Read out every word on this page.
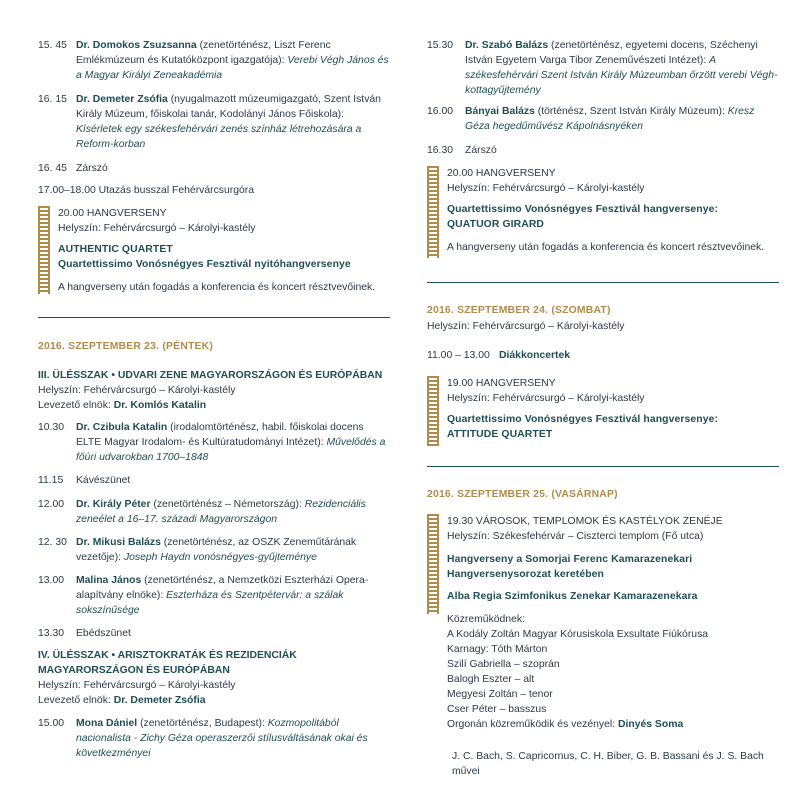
15. 45 Dr. Domokos Zsuzsanna (zenetörténész, Liszt Ferenc Emlékmúzeum és Kutatóközpont igazgatója): Verebi Végh János és a Magyar Királyi Zeneakadémia
16. 15 Dr. Demeter Zsófia (nyugalmazott múzeumigazgató, Szent István Király Múzeum, főiskolai tanár, Kodolányi János Főiskola): Kísérletek egy székesfehérvári zenés színház létrehozására a Reform-korban
16. 45 Zárszó
17.00–18.00 Utazás busszal Fehérvárcsurgóra
20.00 HANGVERSENY
Helyszín: Fehérvárcsurgó – Károlyi-kastély
AUTHENTIC QUARTET
Quartettissimo Vonósnégyes Fesztivál nyitóhangversenye
A hangverseny után fogadás a konferencia és koncert résztvevőinek.
2016. SZEPTEMBER 23. (PÉNTEK)
III. ÜLÉSSZAK • UDVARI ZENE MAGYARORSZÁGON ÉS EURÓPÁBAN
Helyszín: Fehérvárcsurgó – Károlyi-kastély
Levezető elnök: Dr. Komlós Katalin
10.30	Dr. Czibula Katalin (irodalomtörténész, habil. főiskolai docens ELTE Magyar Irodalom- és Kultúratudományi Intézet): Művelődés a főúri udvarokban 1700–1848
11.15	Kávészünet
12.00	Dr. Király Péter (zenetörténész – Németország): Rezidenciális zeneélet a 16–17. századi Magyarországon
12. 30 Dr. Mikusi Balázs (zenetörténész, az OSZK Zeneműtárának vezetője): Joseph Haydn vonósnégyes-gyűjteménye
13.00	Malina János (zenetörténész, a Nemzetközi Eszterházi Opera-alapítvány elnöke): Eszterháza és Szentpétervár: a szálak sokszínűsége
13.30	Ebédszünet
IV. ÜLÉSSZAK • ARISZTOKRATÁK ÉS REZIDENCIÁK
MAGYARORSZÁGON ÉS EURÓPÁBAN
Helyszín: Fehérvárcsurgó – Károlyi-kastély
Levezető elnök: Dr. Demeter Zsófia
15.00	Mona Dániel (zenetörténész, Budapest): Kozmopolitából nacionalista - Zichy Géza operaszerzői stílusváltásának okai és következményei
15.30	Dr. Szabó Balázs (zenetörténész, egyetemi docens, Széchenyi István Egyetem Varga Tibor Zeneművészeti Intézet): A székesfehérvári Szent István Király Múzeumban őrzött verebi Végh-kottagyűjtemény
16.00	Bányai Balázs (történész, Szent István Király Múzeum): Kresz Géza hegedűművész Kápolnásnyéken
16.30	Zárszó
20.00 HANGVERSENY
Helyszín: Fehérvárcsurgó – Károlyi-kastély
Quartettissimo Vonósnégyes Fesztivál hangversenye:
QUATUOR GIRARD
A hangverseny után fogadás a konferencia és koncert résztvevőinek.
2016. SZEPTEMBER 24. (SZOMBAT)
Helyszín: Fehérvárcsurgó – Károlyi-kastély
11.00 – 13.00 Diákkoncertek
19.00 HANGVERSENY
Helyszín: Fehérvárcsurgó – Károlyi-kastély
Quartettissimo Vonósnégyes Fesztivál hangversenye:
ATTITUDE QUARTET
2016. SZEPTEMBER 25. (VASÁRNAP)
19.30 VÁROSOK, TEMPLOMOK ÉS KASTÉLYOK ZENÉJE
Helyszín: Székesfehérvár – Ciszterci templom (Fő utca)
Hangverseny a Somorjai Ferenc Kamarazenekari
Hangversenysorozat keretében
Alba Regia Szimfonikus Zenekar Kamarazenekara
Közreműködnek:
A Kodály Zoltán Magyar Kórusiskola Exsultate Fiúkórusa
Karnagy: Tóth Márton
Szilí Gabriella – szoprán
Balogh Eszter – alt
Megyesi Zoltán – tenor
Cser Péter – basszus
Orgonán közreműködik és vezényel: Dinyés Soma
J. C. Bach, S. Capricornus, C. H. Biber, G. B. Bassani és J. S. Bach művei
